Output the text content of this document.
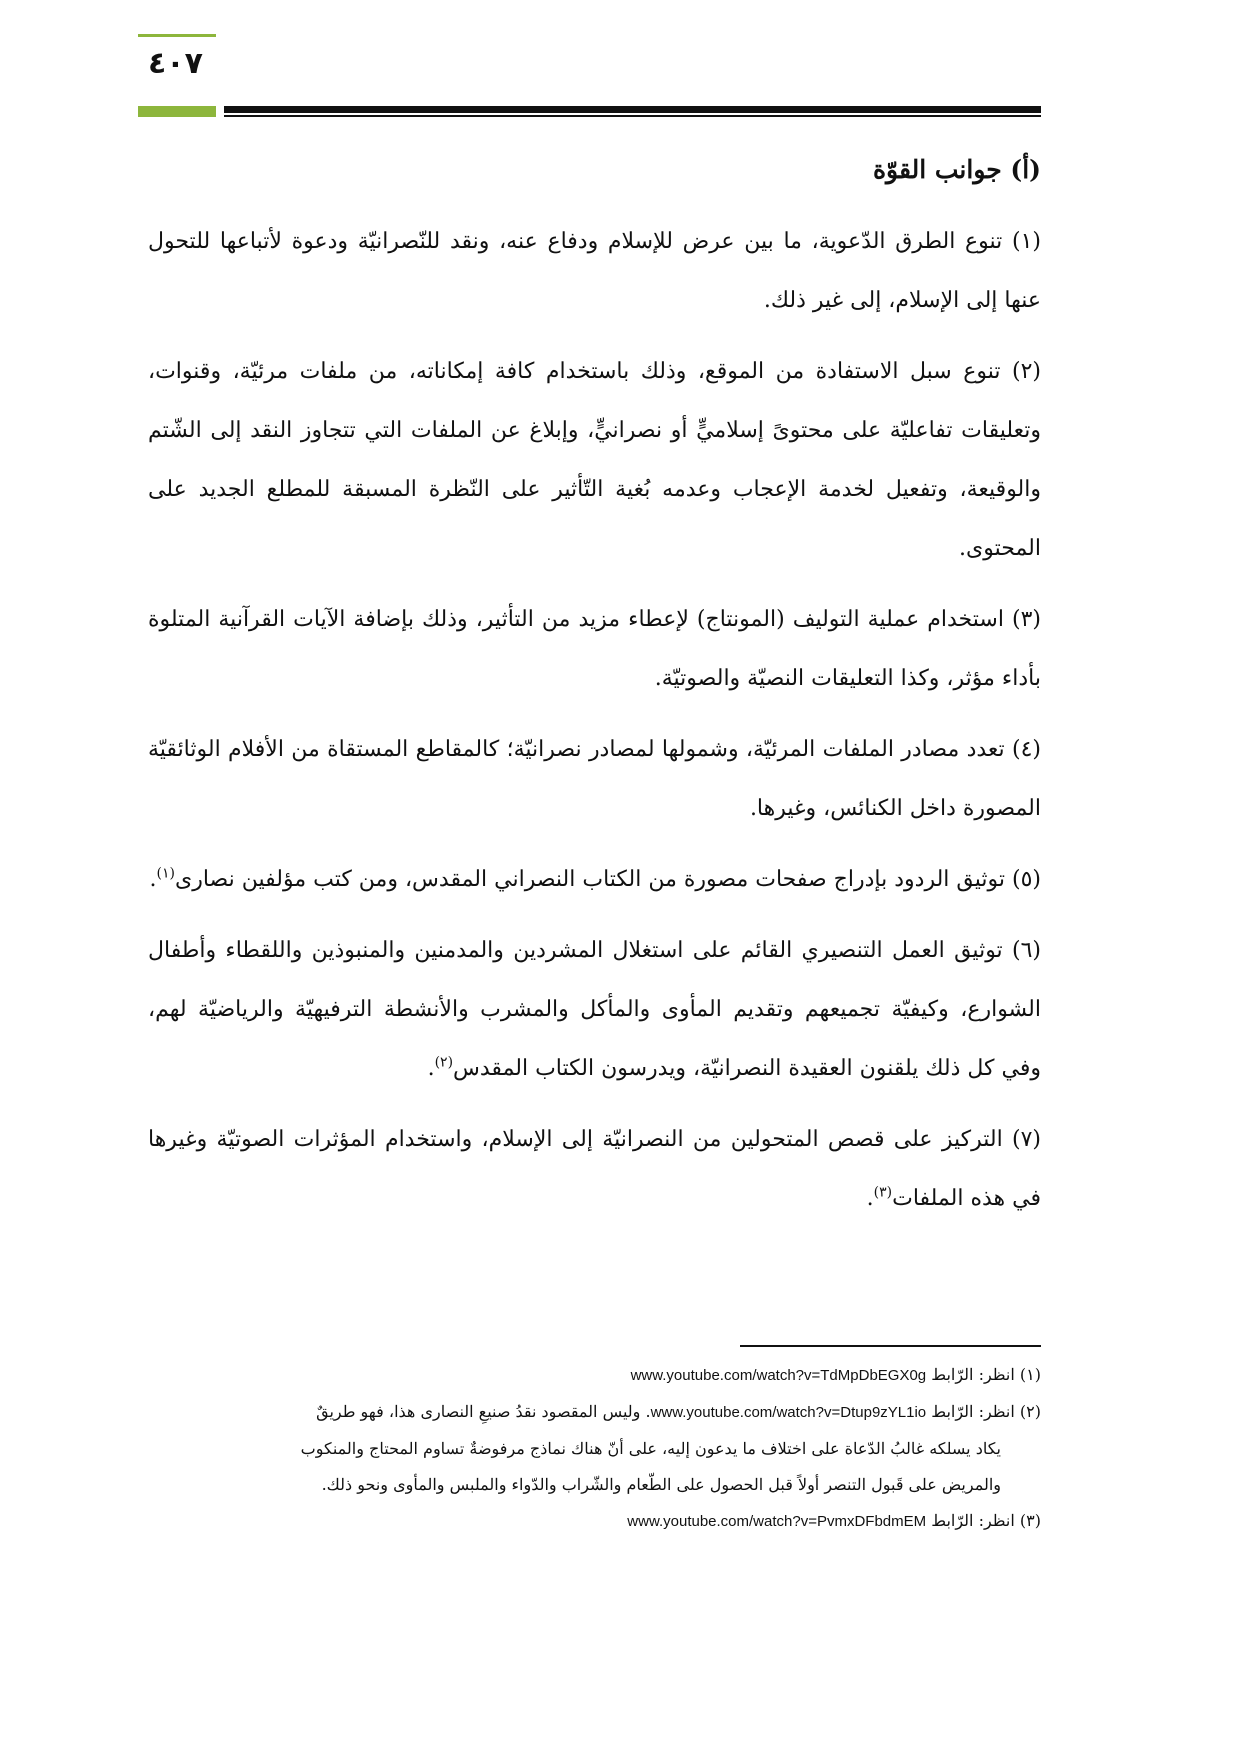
٤٠٧
(أ) جوانب القوّة

(١) تنوع الطرق الدّعوية، ما بين عرض للإسلام ودفاع عنه، ونقد للنّصرانيّة ودعوة لأتباعها للتحول عنها إلى الإسلام، إلى غير ذلك.

(٢) تنوع سبل الاستفادة من الموقع، وذلك باستخدام كافة إمكاناته، من ملفات مرئيّة، وقنوات، وتعليقات تفاعليّة على محتوىً إسلاميٍّ أو نصرانيٍّ، وإبلاغ عن الملفات التي تتجاوز النقد إلى الشّتم والوقيعة، وتفعيل لخدمة الإعجاب وعدمه بُغية التّأثير على النّظرة المسبقة للمطلع الجديد على المحتوى.

(٣) استخدام عملية التوليف (المونتاج) لإعطاء مزيد من التأثير، وذلك بإضافة الآيات القرآنية المتلوة بأداء مؤثر، وكذا التعليقات النصيّة والصوتيّة.

(٤) تعدد مصادر الملفات المرئيّة، وشمولها لمصادر نصرانيّة؛ كالمقاطع المستقاة من الأفلام الوثائقيّة المصورة داخل الكنائس، وغيرها.

(٥) توثيق الردود بإدراج صفحات مصورة من الكتاب النصراني المقدس، ومن كتب مؤلفين نصارى$^{(١)}$.

(٦) توثيق العمل التنصيري القائم على استغلال المشردين والمدمنين والمنبوذين واللقطاء وأطفال الشوارع، وكيفيّة تجميعهم وتقديم المأوى والمأكل والمشرب والأنشطة الترفيهيّة والرياضيّة لهم، وفي كل ذلك يلقنون العقيدة النصرانيّة، ويدرسون الكتاب المقدس$^{(٢)}$.

(٧) التركيز على قصص المتحولين من النصرانيّة إلى الإسلام، واستخدام المؤثرات الصوتيّة وغيرها في هذه الملفات$^{(٣)}$.

(١) انظر: الرّابط www.youtube.com/watch?v=TdMpDbEGX0g

(٢) انظر: الرّابط www.youtube.com/watch?v=Dtup9zYL1io. وليس المقصود نقدُ صنيعِ النصارى هذا، فهو طريقٌ

يكاد يسلكه غالبُ الدّعاة على اختلاف ما يدعون إليه، على أنّ هناك نماذج مرفوضةٌ تساوم المحتاج والمنكوب

والمريض على قَبول التنصر أولاً قبل الحصول على الطّعام والشّراب والدّواء والملبس والمأوى ونحو ذلك.

(٣) انظر: الرّابط www.youtube.com/watch?v=PvmxDFbdmEM
